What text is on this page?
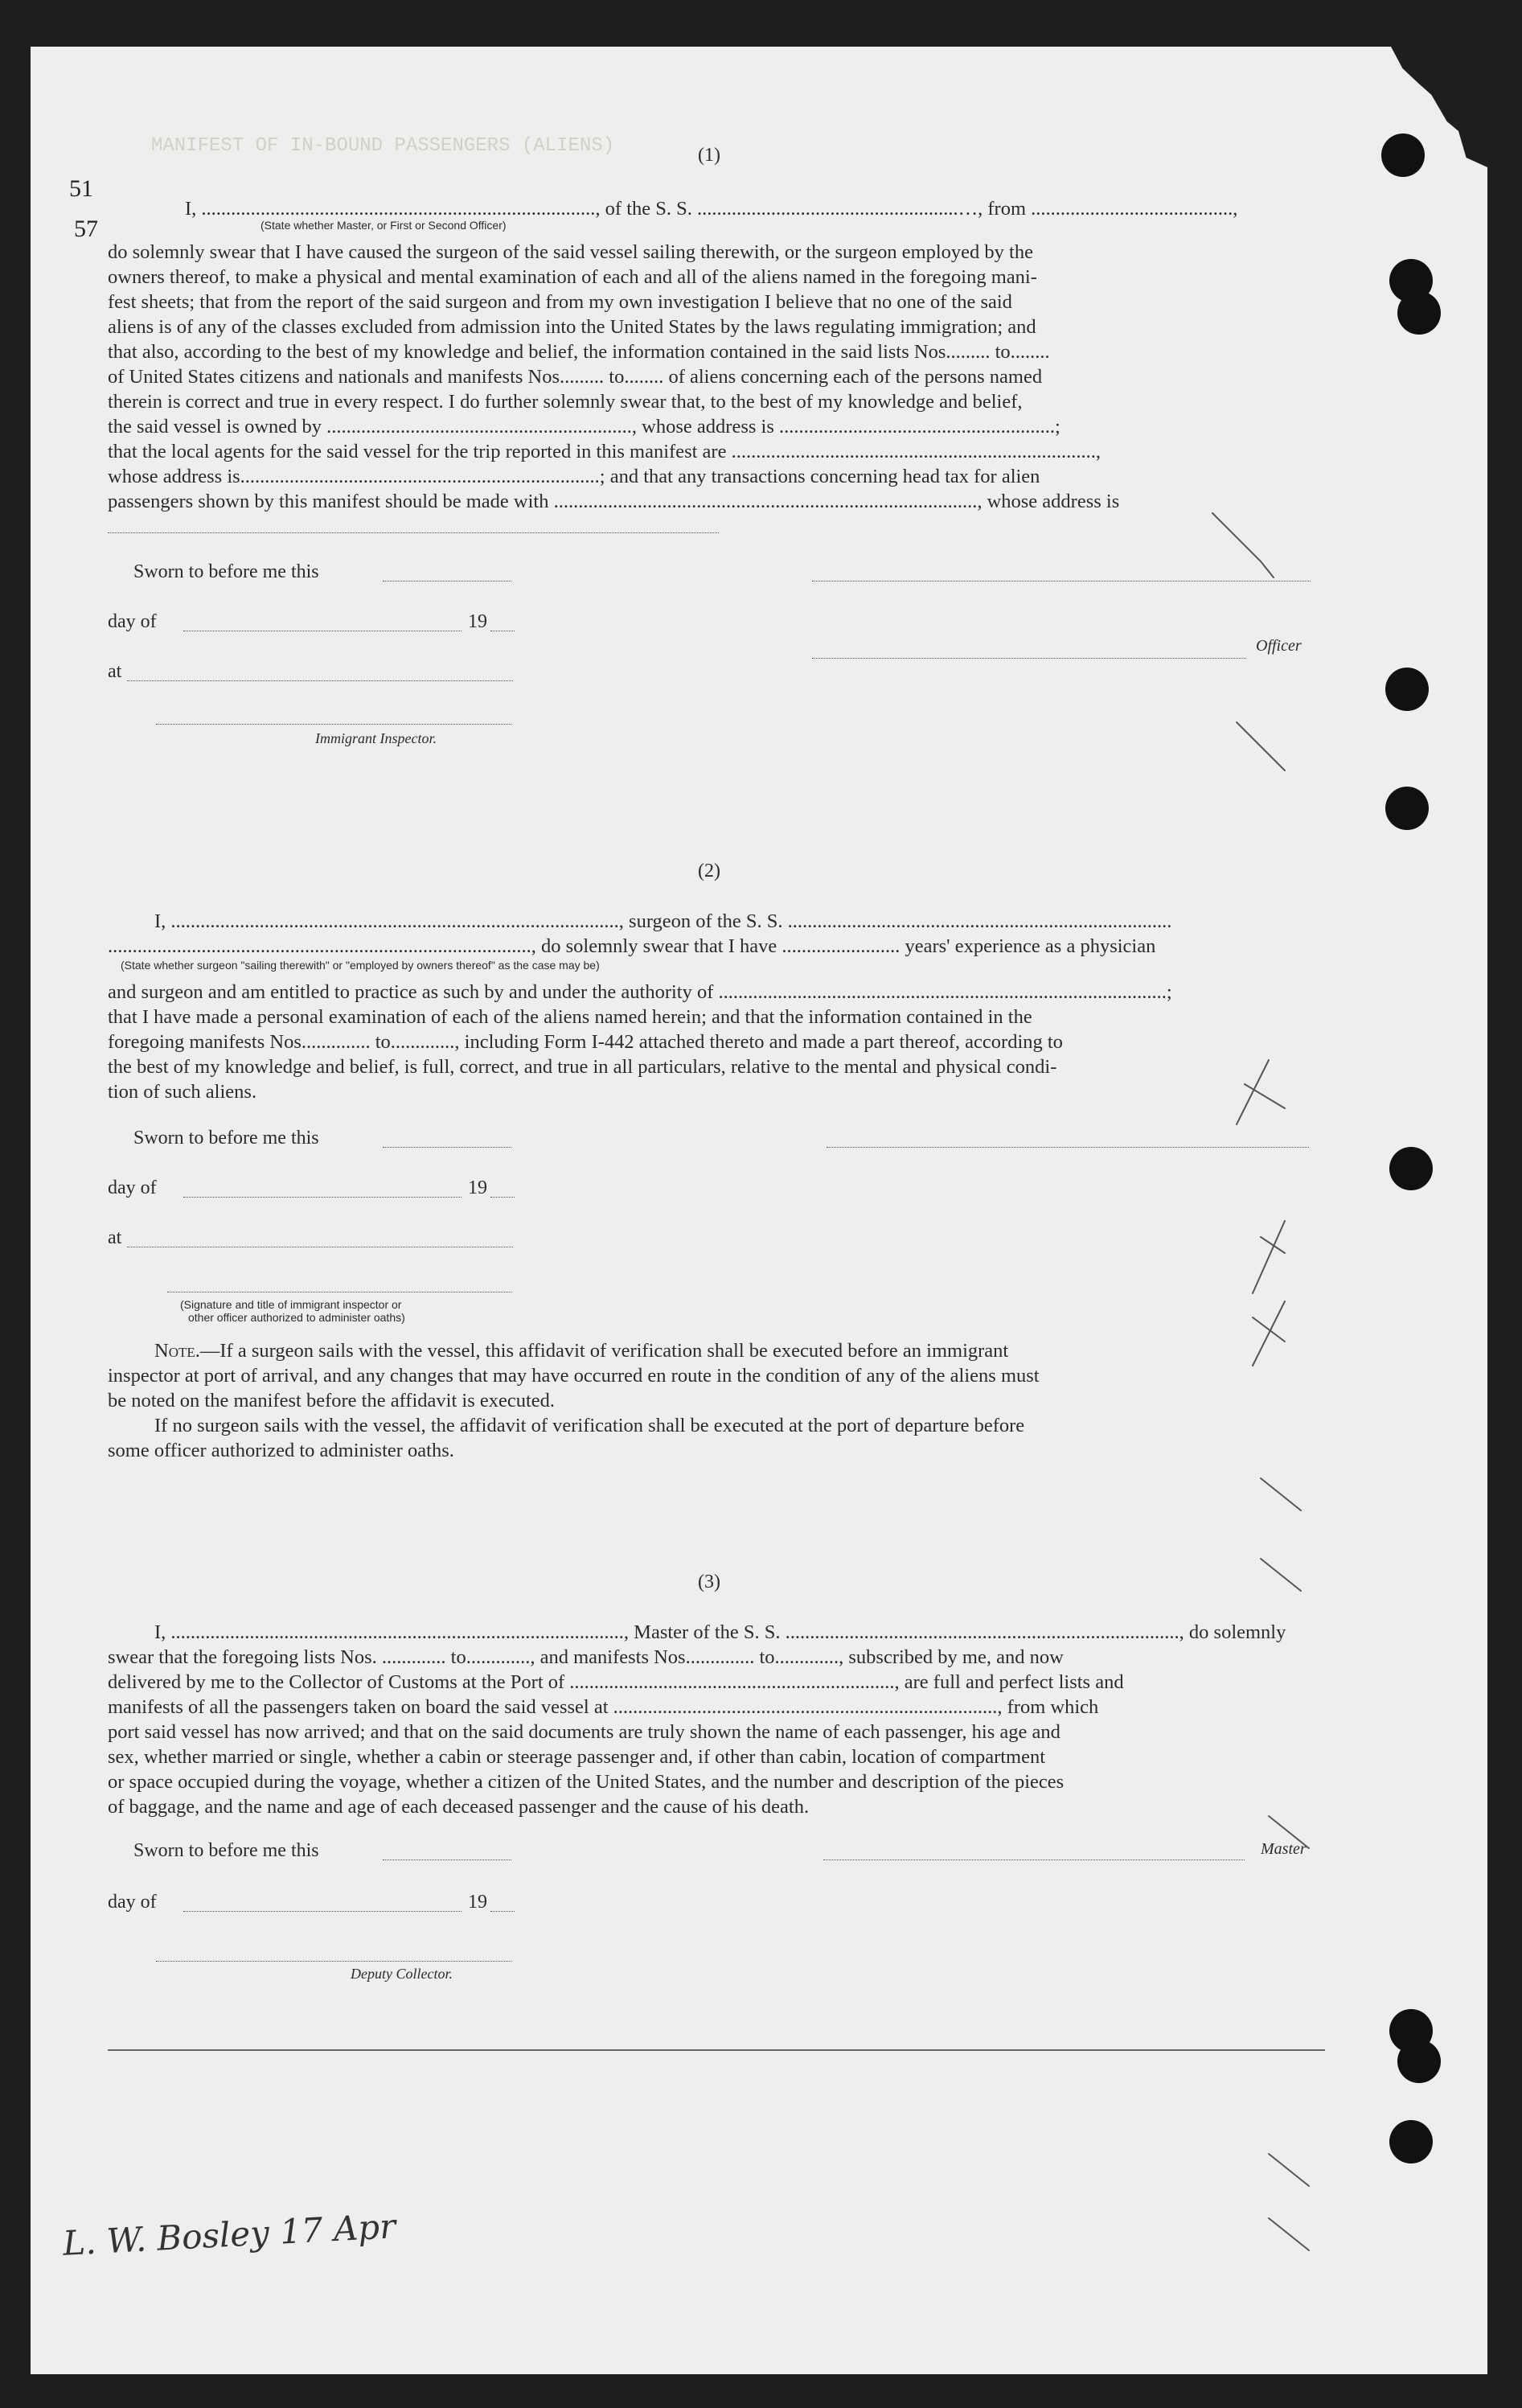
MANIFEST OF IN-BOUND PASSENGERS (ALIENS)
51
57
(1)
I, ................................................................................, of the S. S. .....................................................…, from .........................................,
(State whether Master, or First or Second Officer)
do solemnly swear that I have caused the surgeon of the said vessel sailing therewith, or the surgeon employed by the
owners thereof, to make a physical and mental examination of each and all of the aliens named in the foregoing mani-
fest sheets; that from the report of the said surgeon and from my own investigation I believe that no one of the said
aliens is of any of the classes excluded from admission into the United States by the laws regulating immigration; and
that also, according to the best of my knowledge and belief, the information contained in the said lists Nos......... to........
of United States citizens and nationals and manifests Nos......... to........ of aliens concerning each of the persons named
therein is correct and true in every respect. I do further solemnly swear that, to the best of my knowledge and belief,
the said vessel is owned by .............................................................., whose address is ........................................................;
that the local agents for the said vessel for the trip reported in this manifest are ..........................................................................,
whose address is.........................................................................; and that any transactions concerning head tax for alien
passengers shown by this manifest should be made with ......................................................................................, whose address is
Sworn to before me this
day of	19
Officer
at
Immigrant Inspector.
(2)
I, ..........................................................................................., surgeon of the S. S. ..............................................................................
......................................................................................, do solemnly swear that I have ........................ years' experience as a physician
(State whether surgeon "sailing therewith" or "employed by owners thereof" as the case may be)
and surgeon and am entitled to practice as such by and under the authority of ...........................................................................................;
that I have made a personal examination of each of the aliens named herein; and that the information contained in the
foregoing manifests Nos.............. to............., including Form I-442 attached thereto and made a part thereof, according to
the best of my knowledge and belief, is full, correct, and true in all particulars, relative to the mental and physical condi-
tion of such aliens.
Sworn to before me this
day of	19
at
(Signature and title of immigrant inspector or
other officer authorized to administer oaths)
Note.—If a surgeon sails with the vessel, this affidavit of verification shall be executed before an immigrant
inspector at port of arrival, and any changes that may have occurred en route in the condition of any of the aliens must
be noted on the manifest before the affidavit is executed.
If no surgeon sails with the vessel, the affidavit of verification shall be executed at the port of departure before
some officer authorized to administer oaths.
(3)
I, ............................................................................................, Master of the S. S. ................................................................................, do solemnly
swear that the foregoing lists Nos. ............. to............., and manifests Nos.............. to............., subscribed by me, and now
delivered by me to the Collector of Customs at the Port of .................................................................., are full and perfect lists and
manifests of all the passengers taken on board the said vessel at .............................................................................., from which
port said vessel has now arrived; and that on the said documents are truly shown the name of each passenger, his age and
sex, whether married or single, whether a cabin or steerage passenger and, if other than cabin, location of compartment
or space occupied during the voyage, whether a citizen of the United States, and the number and description of the pieces
of baggage, and the name and age of each deceased passenger and the cause of his death.
Sworn to before me this	Master
day of	19
Deputy Collector.
L. W. Bosley 17 Apr
